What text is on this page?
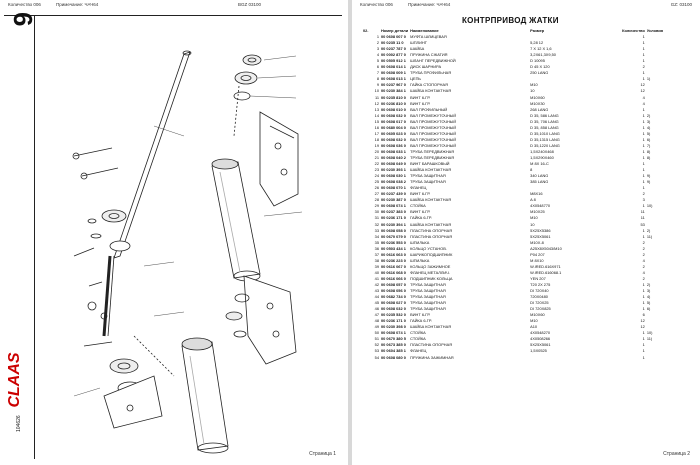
Количество 006	Примечание: ЧАЧ64	BGZ 03100
6
CLAAS
104626
Страница 1
Количество 006	Примечание: ЧАЧ64	GZ: 03100
КОНТРПРИВОД ЖАТКИ
02.	Номер детали	Наименование	Размер	Количество	Условия
1	00 0608 007 0	МУФТА ШЛИЦЕВАЯ		1	
2	00 0235 11 0	ШПЛИНТ	5,28 12	1	
3	00 0237 787 0	ШАЙБА	7 X 12 X 1,6	1	
4	00 0002 877 0	ПРУЖИНА СЖАТИЯ	3,2X61,3X9,50	1	
5	00 0505 912 1	ШЛАНГ ПЕРЕДВИЖНОЙ	D 10095	1	
6	00 0608 014 1	ДИСК ШАРНИРА	D 45 X 120	2	
7	00 0608 009 1	ТРУБА ПРОФИЛЬНАЯ	250 LANG	1	
8	00 0608 013 1	ЦЕПЬ		1	1)
9	00 0237 967 0	ГАЙКА СТОПОРНАЯ	M10	12	
10	00 0230 384 1	ШАЙБА КОНТАКТНАЯ	10	12	
11	00 0235 810 0	ВИНТ 6-ГР.	M10X60	4	
12	00 0236 810 0	ВИНТ 6-ГР.	M10X30	4	
13	00 0608 010 0	ВАЛ ПРОФИЛЬНЫЙ	268 LANG	1	
14	00 0608 032 0	ВАЛ ПРОМЕЖУТОЧНЫЙ	D 35, 586 LANG	1	2)
15	00 0608 017 0	ВАЛ ПРОМЕЖУТОЧНЫЙ	D 35, 706 LANG	1	3)
16	00 0680 004 0	ВАЛ ПРОМЕЖУТОЧНЫЙ	D 35, 858 LANG	1	4)
17	00 0605 023 0	ВАЛ ПРОМЕЖУТОЧНЫЙ	D 35,1010 LANG	1	5)
18	00 0608 032 0	ВАЛ ПРОМЕЖУТОЧНЫЙ	D 35,1315 LANG	1	6)
19	00 0608 036 0	ВАЛ ПРОМЕЖУТОЧНЫЙ	D 35,1220 LANG	1	7)
20	00 0608 033 1	ТРУБА ПЕРЕДВИЖНАЯ	1,5X240X468	1	8)
21	00 0608 040 2	ТРУБА ПЕРЕДВИЖНАЯ	1,5X290X460	1	8)
22	00 0608 049 0	ВИНТ БАРАШКОВЫЙ	M 8X 16-C	1	
23	00 0230 393 1	ШАЙБА КОНТАКТНАЯ	8	1	
24	00 0608 030 1	ТРУБА ЗАЩИТНАЯ	340 LANG	1	9)
25	00 0608 038 2	ТРУБА ЗАЩИТНАЯ	385 LANG	1	9)
26	00 0608 070 1	ФЛАНЕЦ		1	
27	00 0237 439 0	ВИНТ 6-ГР.	M8X16	2	
28	00 0230 387 0	ШАЙБА КОНТАКТНАЯ	A 8	3	
29	00 0608 074 1	СТОЙКА	4X0548770	1	10)
30	00 0237 383 0	ВИНТ 6-ГР.	M10X25	11	
31	00 0236 171 0	ГАЙКА 6-ГР.	M10	11	
32	00 0230 394 1	ШАЙБА КОНТАКТНАЯ	10	53	
33	00 0608 058 0	ПЛАСТИНА ОПОРНАЯ	5X25X5386	1	2)
34	00 0670 079 0	ПЛАСТИНА ОПОРНАЯ	5X25X5061	1	11)
35	00 0236 553 0	ШПИЛЬКА	M10X-8	2	
36	00 0503 434 1	КОЛЬЦО УСТАНОВ.	A25X8X5043/M10	2	
37	00 0616 063 0	ШАРИКОПОДШИПНИК	P04 207	2	
38	00 0236 223 0	ШПИЛЬКА	M 8X10	4	
39	00 0616 067 0	КОЛЬЦО ЗАЖИМНОЕ	W.IRED.616X971	2	
40	00 0616 068 0	ФЛАНЕЦ МЕТАЛЛИЧ.	W.IRED.616068.1	4	
41	00 0616 066 0	ПОДШИПНИК КОЛЬЦА	YEN 207	2	
42	00 0608 057 0	ТРУБА ЗАЩИТНАЯ	T20 2X 275	1	2)
43	00 0608 056 0	ТРУБА ЗАЩИТНАЯ	DI 720X40	1	3)
44	00 0682 734 0	ТРУБА ЗАЩИТНАЯ	720X0480	1	4)
45	00 0608 027 0	ТРУБА ЗАЩИТНАЯ	DI 720X25	1	5)
46	00 0608 032 0	ТРУБА ЗАЩИТНАЯ	DI 720X825	1	6)
47	00 0235 532 0	ВИНТ 6-ГР.	M10X60	6	
48	00 0236 171 0	ГАЙКА 6-ГР.	M10	12	
49	00 0230 398 0	ШАЙБА КОНТАКТНАЯ	A10	12	
50	00 0608 074 1	СТОЙКА	4X0548270	1	10)
51	00 0670 380 5	СТОЙКА	4X0508266	1	11)
52	00 0673 385 0	ПЛАСТИНА ОПОРНАЯ	5X25X5061	1	
53	00 0604 385 1	ФЛАНЕЦ	1,5X0525	1	
54	00 0608 080 0	ПРУЖИНА ЗАЖИМНАЯ		1	
Страница 2
